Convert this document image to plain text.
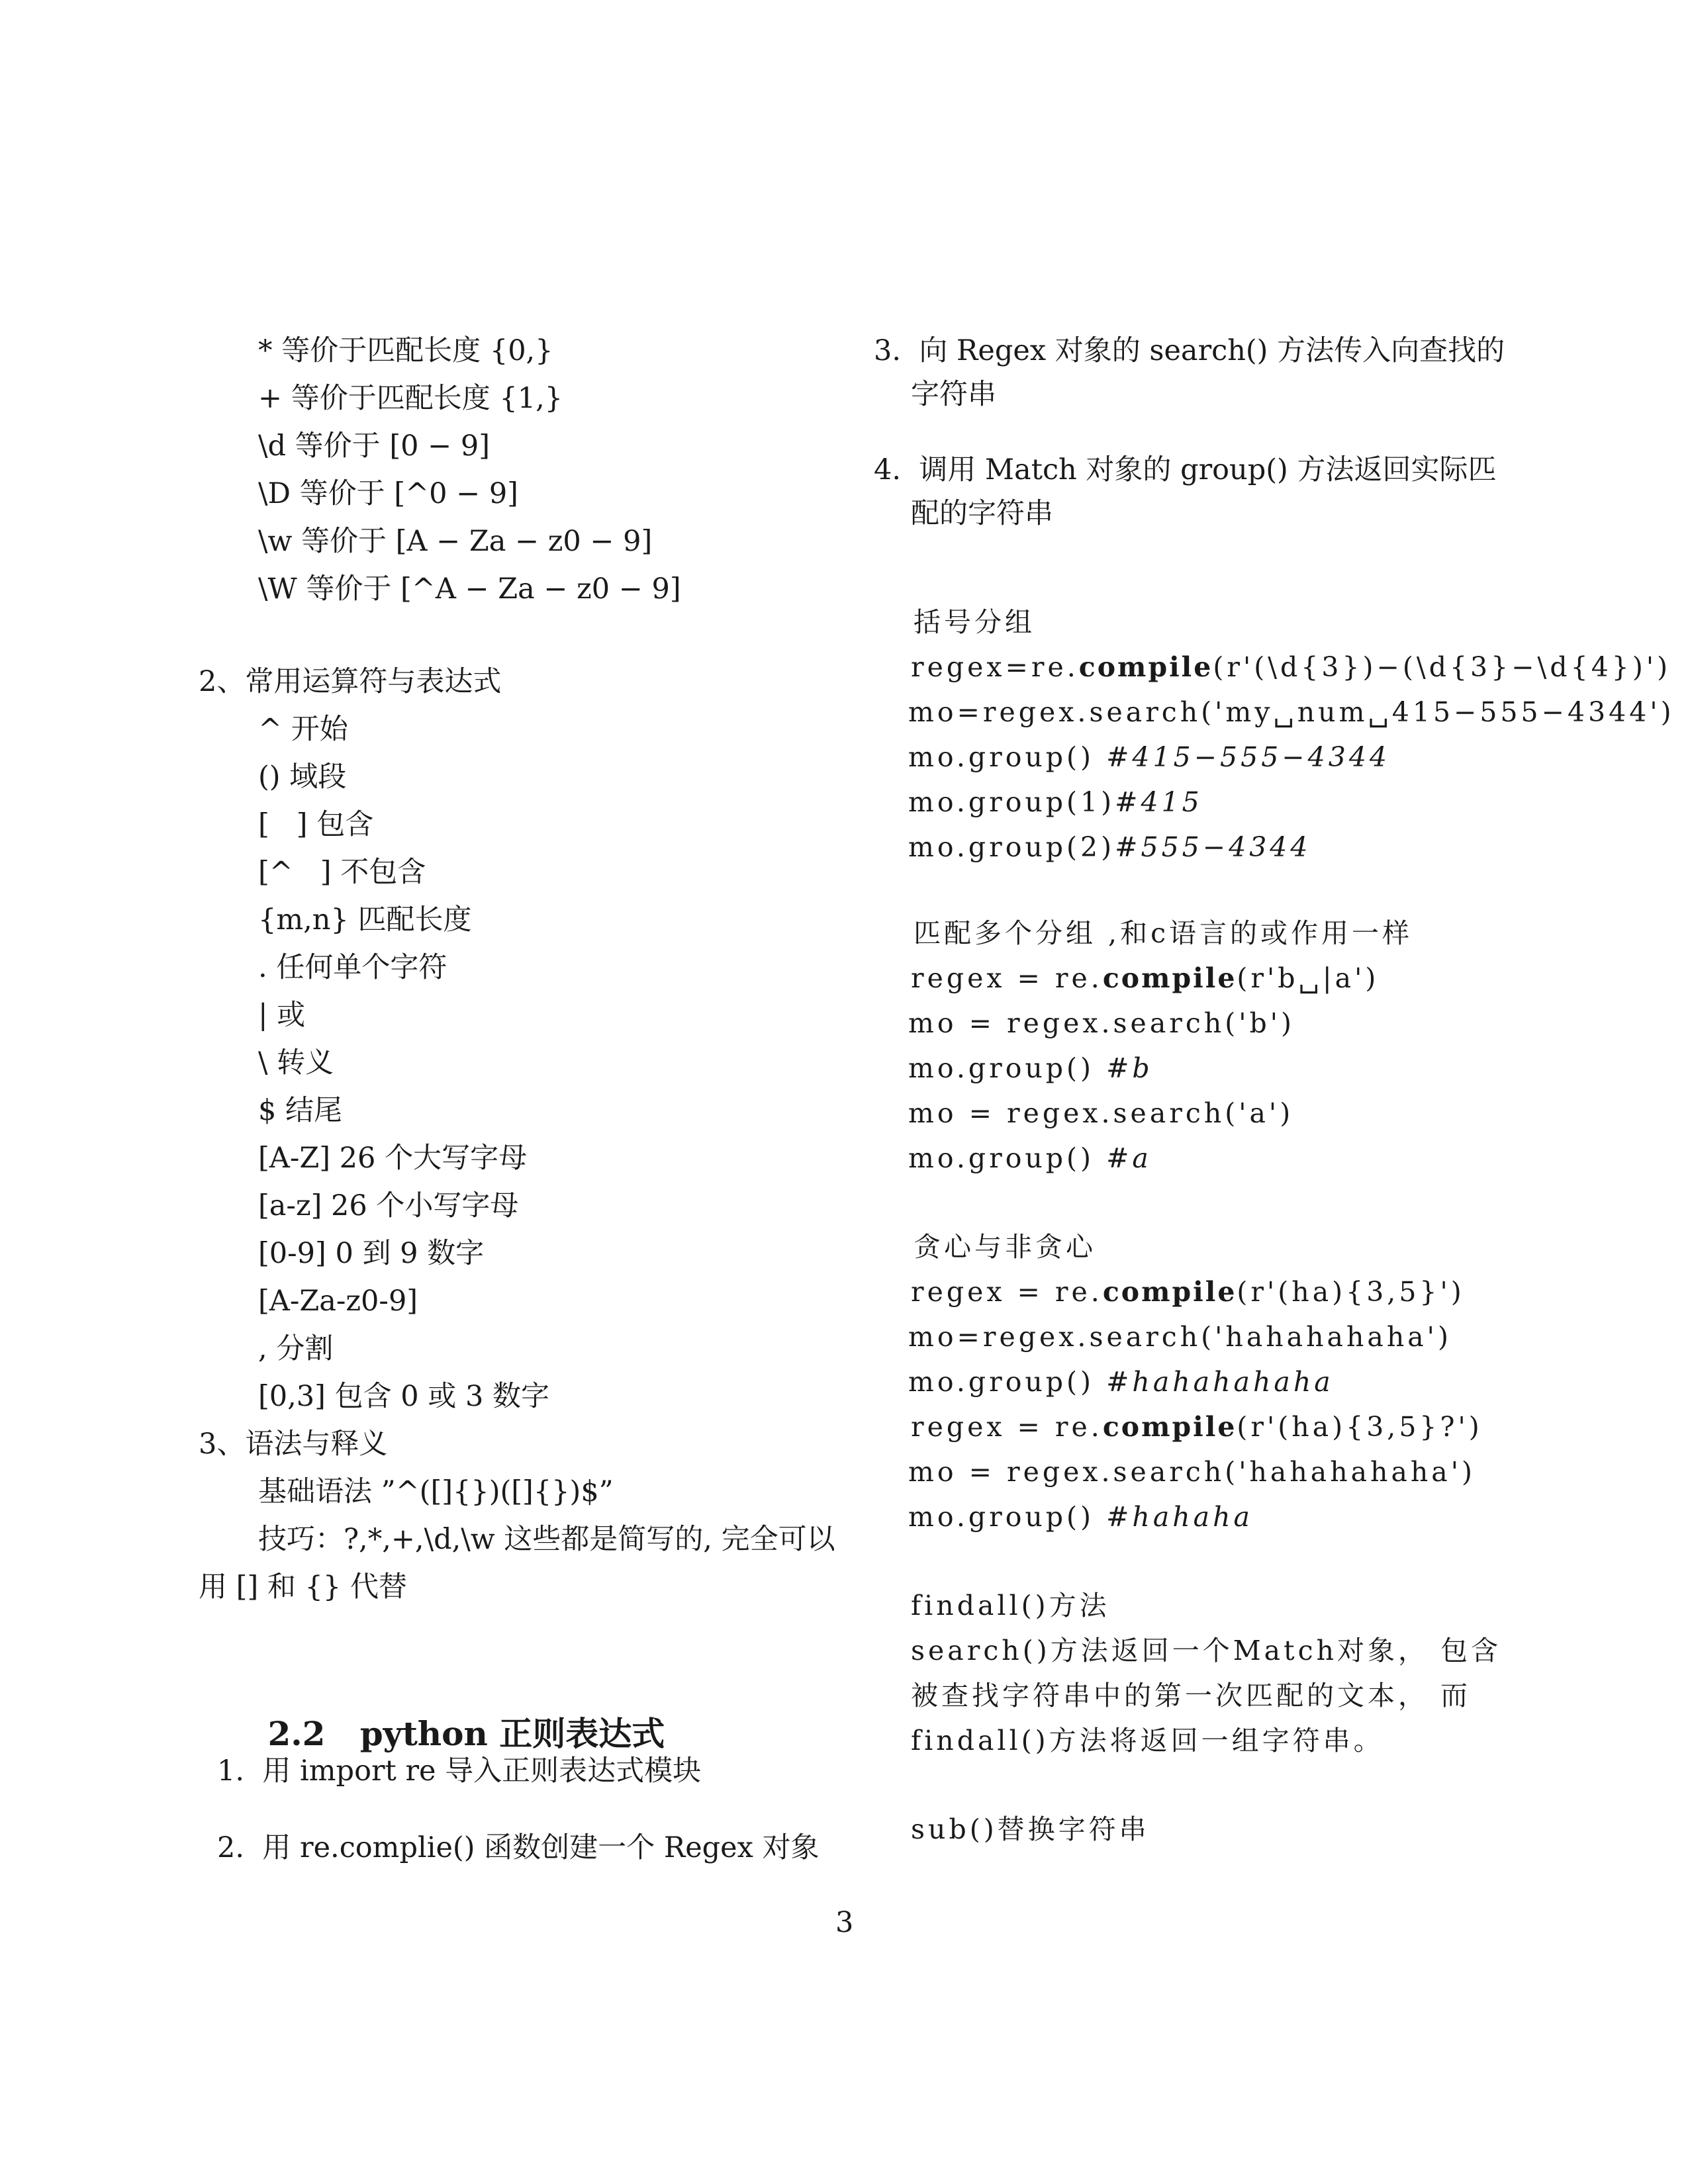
* 等价于匹配长度 {0,}
+ 等价于匹配长度 {1,}
\d 等价于 [0 − 9]
\D 等价于 [^0 − 9]
\w 等价于 [A − Za − z0 − 9]
\W 等价于 [^A − Za − z0 − 9]
2、常用运算符与表达式
^ 开始
() 域段
[   ] 包含
[^   ] 不包含
{m,n} 匹配长度
. 任何单个字符
| 或
\ 转义
$ 结尾
[A-Z] 26 个大写字母
[a-z] 26 个小写字母
[0-9] 0 到 9 数字
[A-Za-z0-9]
, 分割
[0,3] 包含 0 或 3 数字
3、语法与释义
基础语法 ”^([]{})([]{})$”
技巧：?,*,+,\d,\w 这些都是简写的, 完全可以
用 [] 和 {} 代替

2.2 python 正则表达式

1.  用 import re 导入正则表达式模块
2.  用 re.complie() 函数创建一个 Regex 对象
3.  向 Regex 对象的 search() 方法传入向查找的
字符串
4.  调用 Match 对象的 group() 方法返回实际匹
配的字符串
括号分组
regex=re.compile(r'(\d{3})−(\d{3}−\d{4})')
mo=regex.search('my␣num␣415−555−4344')
mo.group() #415−555−4344
mo.group(1)#415
mo.group(2)#555−4344
匹配多个分组 ,和c语言的或作用一样
regex = re.compile(r'b␣|a')
mo = regex.search('b')
mo.group() #b
mo = regex.search('a')
mo.group() #a
贪心与非贪心
regex = re.compile(r'(ha){3,5}')
mo=regex.search('hahahahaha')
mo.group() #hahahahaha
regex = re.compile(r'(ha){3,5}?')
mo = regex.search('hahahahaha')
mo.group() #hahaha
findall()方法
search()方法返回一个Match对象， 包含
被查找字符串中的第一次匹配的文本， 而
findall()方法将返回一组字符串。
sub()替换字符串
3
